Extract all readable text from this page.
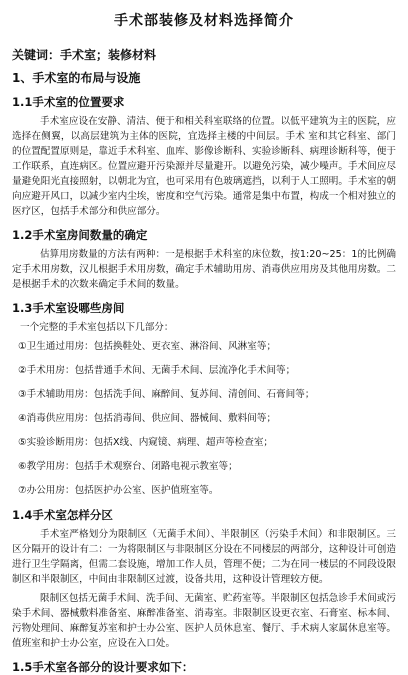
手术部装修及材料选择简介
关键词：手术室；装修材料
1、手术室的布局与设施
1.1手术室的位置要求
手术室应设在安静、清洁、便于和相关科室联络的位置。以低平建筑为主的医院，应选择在侧翼，以高层建筑为主体的医院，宜选择主楼的中间层。手术 室和其它科室、部门的位置配置原则是，靠近手术科室、血库、影像诊断科、实验诊断科、病理诊断科等，便于工作联系，直连病区。位置应避开污染源并尽量避开。以避免污染，减少噪声。手术间应尽量避免阳光直接照射，以朝北为宜，也可采用有色玻璃遮挡，以利于人工照明。手术室的朝向应避开风口，以减少室内尘埃，密度和空气污染。通常是集中布置，构成一个相对独立的医疗区，包括手术部分和供应部分。
1.2手术室房间数量的确定
估算用房数量的方法有两种：一是根据手术科室的床位数，按1:20~25：1的比例确定手术用房数，汉儿根据手术用房数，确定手术辅助用房、消毒供应用房及其他用房数。二是根据手术的次数来确定手术间的数量。
1.3手术室设哪些房间
一个完整的手术室包括以下几部分：
①卫生通过用房：包括换鞋处、更衣室、淋浴间、风淋室等；
②手术用房：包括普通手术间、无菌手术间、层流净化手术间等；
③手术辅助用房：包括洗手间、麻醉间、复苏间、清创间、石膏间等；
④消毒供应用房：包括消毒间、供应间、器械间、敷料间等；
⑤实验诊断用房：包括X线、内窥镜、病理、超声等检查室；
⑥教学用房：包括手术观察台、闭路电视示教室等；
⑦办公用房：包括医护办公室、医护值班室等。
1.4手术室怎样分区
手术室严格划分为限制区（无菌手术间）、半限制区（污染手术间）和非限制区。三区分隔开的设计有二：一为将限制区与非限制区分设在不同楼层的两部分，这种设计可创造进行卫生学隔离，但需二套设施，增加工作人员，管理不便；二为在同一楼层的不同段设限制区和半限制区，中间由非限制区过渡，设备共用，这种设计管理较方便。
限制区包括无菌手术间、洗手间、无菌室、贮药室等。半限制区包括急诊手术间或污染手术间、器械敷料准备室、麻醉准备室、消毒室。非限制区设更衣室、石膏室、标本间、污物处理间、麻醉复苏室和护士办公室、医护人员休息室、餐厅、手术病人家属休息室等。值班室和护士办公室，应设在入口处。
1.5手术室各部分的设计要求如下：
